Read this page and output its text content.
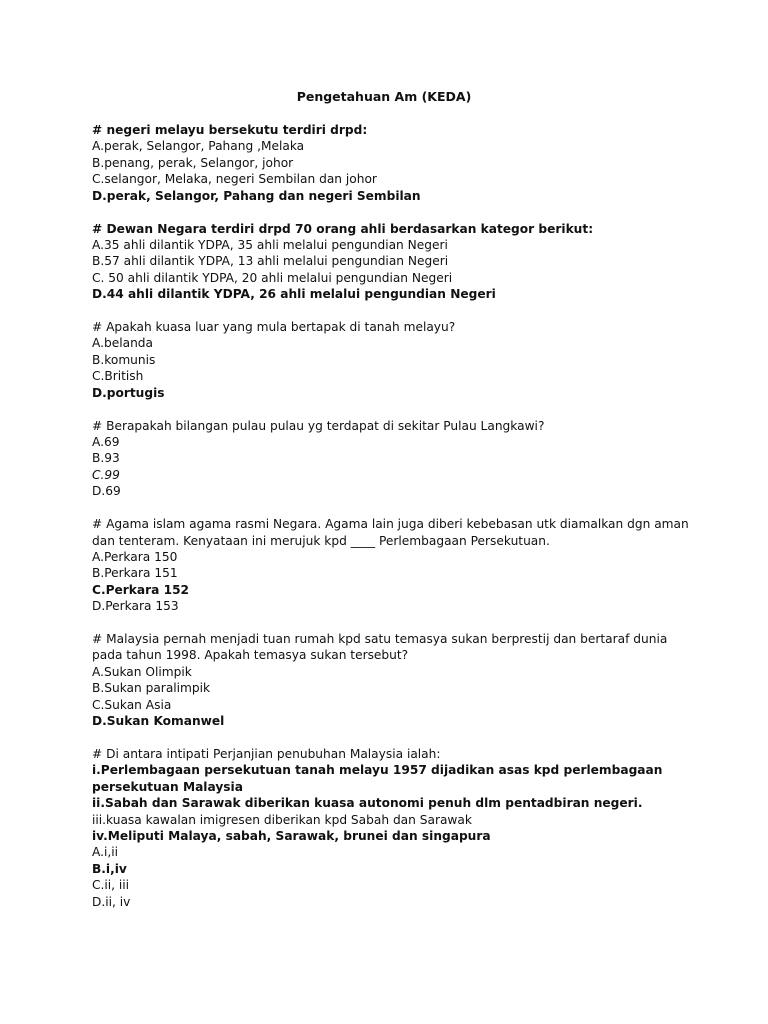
Pengetahuan Am (KEDA)
# negeri melayu bersekutu terdiri drpd:
A.perak, Selangor, Pahang ,Melaka
B.penang, perak, Selangor, johor
C.selangor, Melaka, negeri Sembilan dan johor
D.perak, Selangor, Pahang dan negeri Sembilan
# Dewan Negara terdiri drpd 70 orang ahli berdasarkan kategor berikut:
A.35 ahli dilantik YDPA, 35 ahli melalui pengundian Negeri
B.57 ahli dilantik YDPA, 13 ahli melalui pengundian Negeri
C. 50 ahli dilantik YDPA, 20 ahli melalui pengundian Negeri
D.44 ahli dilantik YDPA, 26 ahli melalui pengundian Negeri
# Apakah kuasa luar yang mula bertapak di tanah melayu?
A.belanda
B.komunis
C.British
D.portugis
# Berapakah bilangan pulau pulau yg terdapat di sekitar Pulau Langkawi?
A.69
B.93
C.99
D.69
# Agama islam agama rasmi Negara. Agama lain juga diberi kebebasan utk diamalkan dgn aman dan tenteram. Kenyataan ini merujuk kpd ____ Perlembagaan Persekutuan.
A.Perkara 150
B.Perkara 151
C.Perkara 152
D.Perkara 153
# Malaysia pernah menjadi tuan rumah kpd satu temasya sukan berprestij dan bertaraf dunia pada tahun 1998. Apakah temasya sukan tersebut?
A.Sukan Olimpik
B.Sukan paralimpik
C.Sukan Asia
D.Sukan Komanwel
# Di antara intipati Perjanjian penubuhan Malaysia ialah:
i.Perlembagaan persekutuan tanah melayu 1957 dijadikan asas kpd perlembagaan persekutuan Malaysia
ii.Sabah dan Sarawak diberikan kuasa autonomi penuh dlm pentadbiran negeri.
iii.kuasa kawalan imigresen diberikan kpd Sabah dan Sarawak
iv.Meliputi Malaya, sabah, Sarawak, brunei dan singapura
A.i,ii
B.i,iv
C.ii, iii
D.ii, iv
